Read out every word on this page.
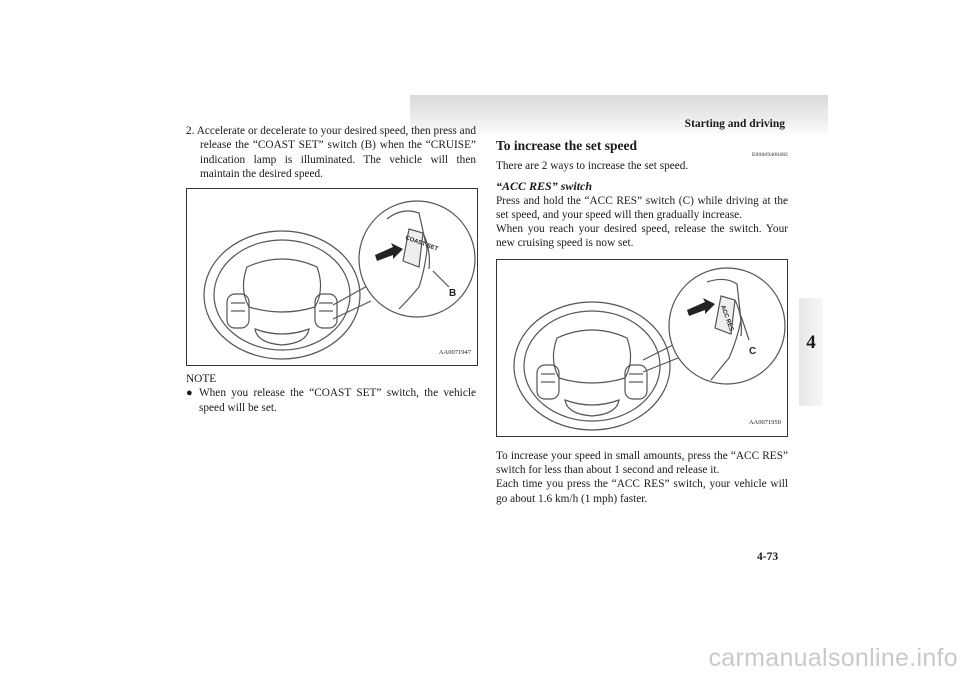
Starting and driving
4

2. Accelerate or decelerate to your desired speed, then press and release the “COAST SET” switch (B) when the “CRUISE” indication lamp is illuminated. The vehicle will then maintain the desired speed.

COAST SET
B
AA0071947

NOTE

● When you release the “COAST SET” switch, the vehicle speed will be set.

To increase the set speed
E00609400482

There are 2 ways to increase the set speed.

“ACC RES” switch

Press and hold the “ACC RES” switch (C) while driving at the set speed, and your speed will then gradually increase.

When you reach your desired speed, release the switch. Your new cruising speed is now set.

ACC RES
C
AA0071950

To increase your speed in small amounts, press the “ACC RES” switch for less than about 1 second and release it.

Each time you press the “ACC RES” switch, your vehicle will go about 1.6 km/h (1 mph) faster.

4-73
carmanualsonline.info
